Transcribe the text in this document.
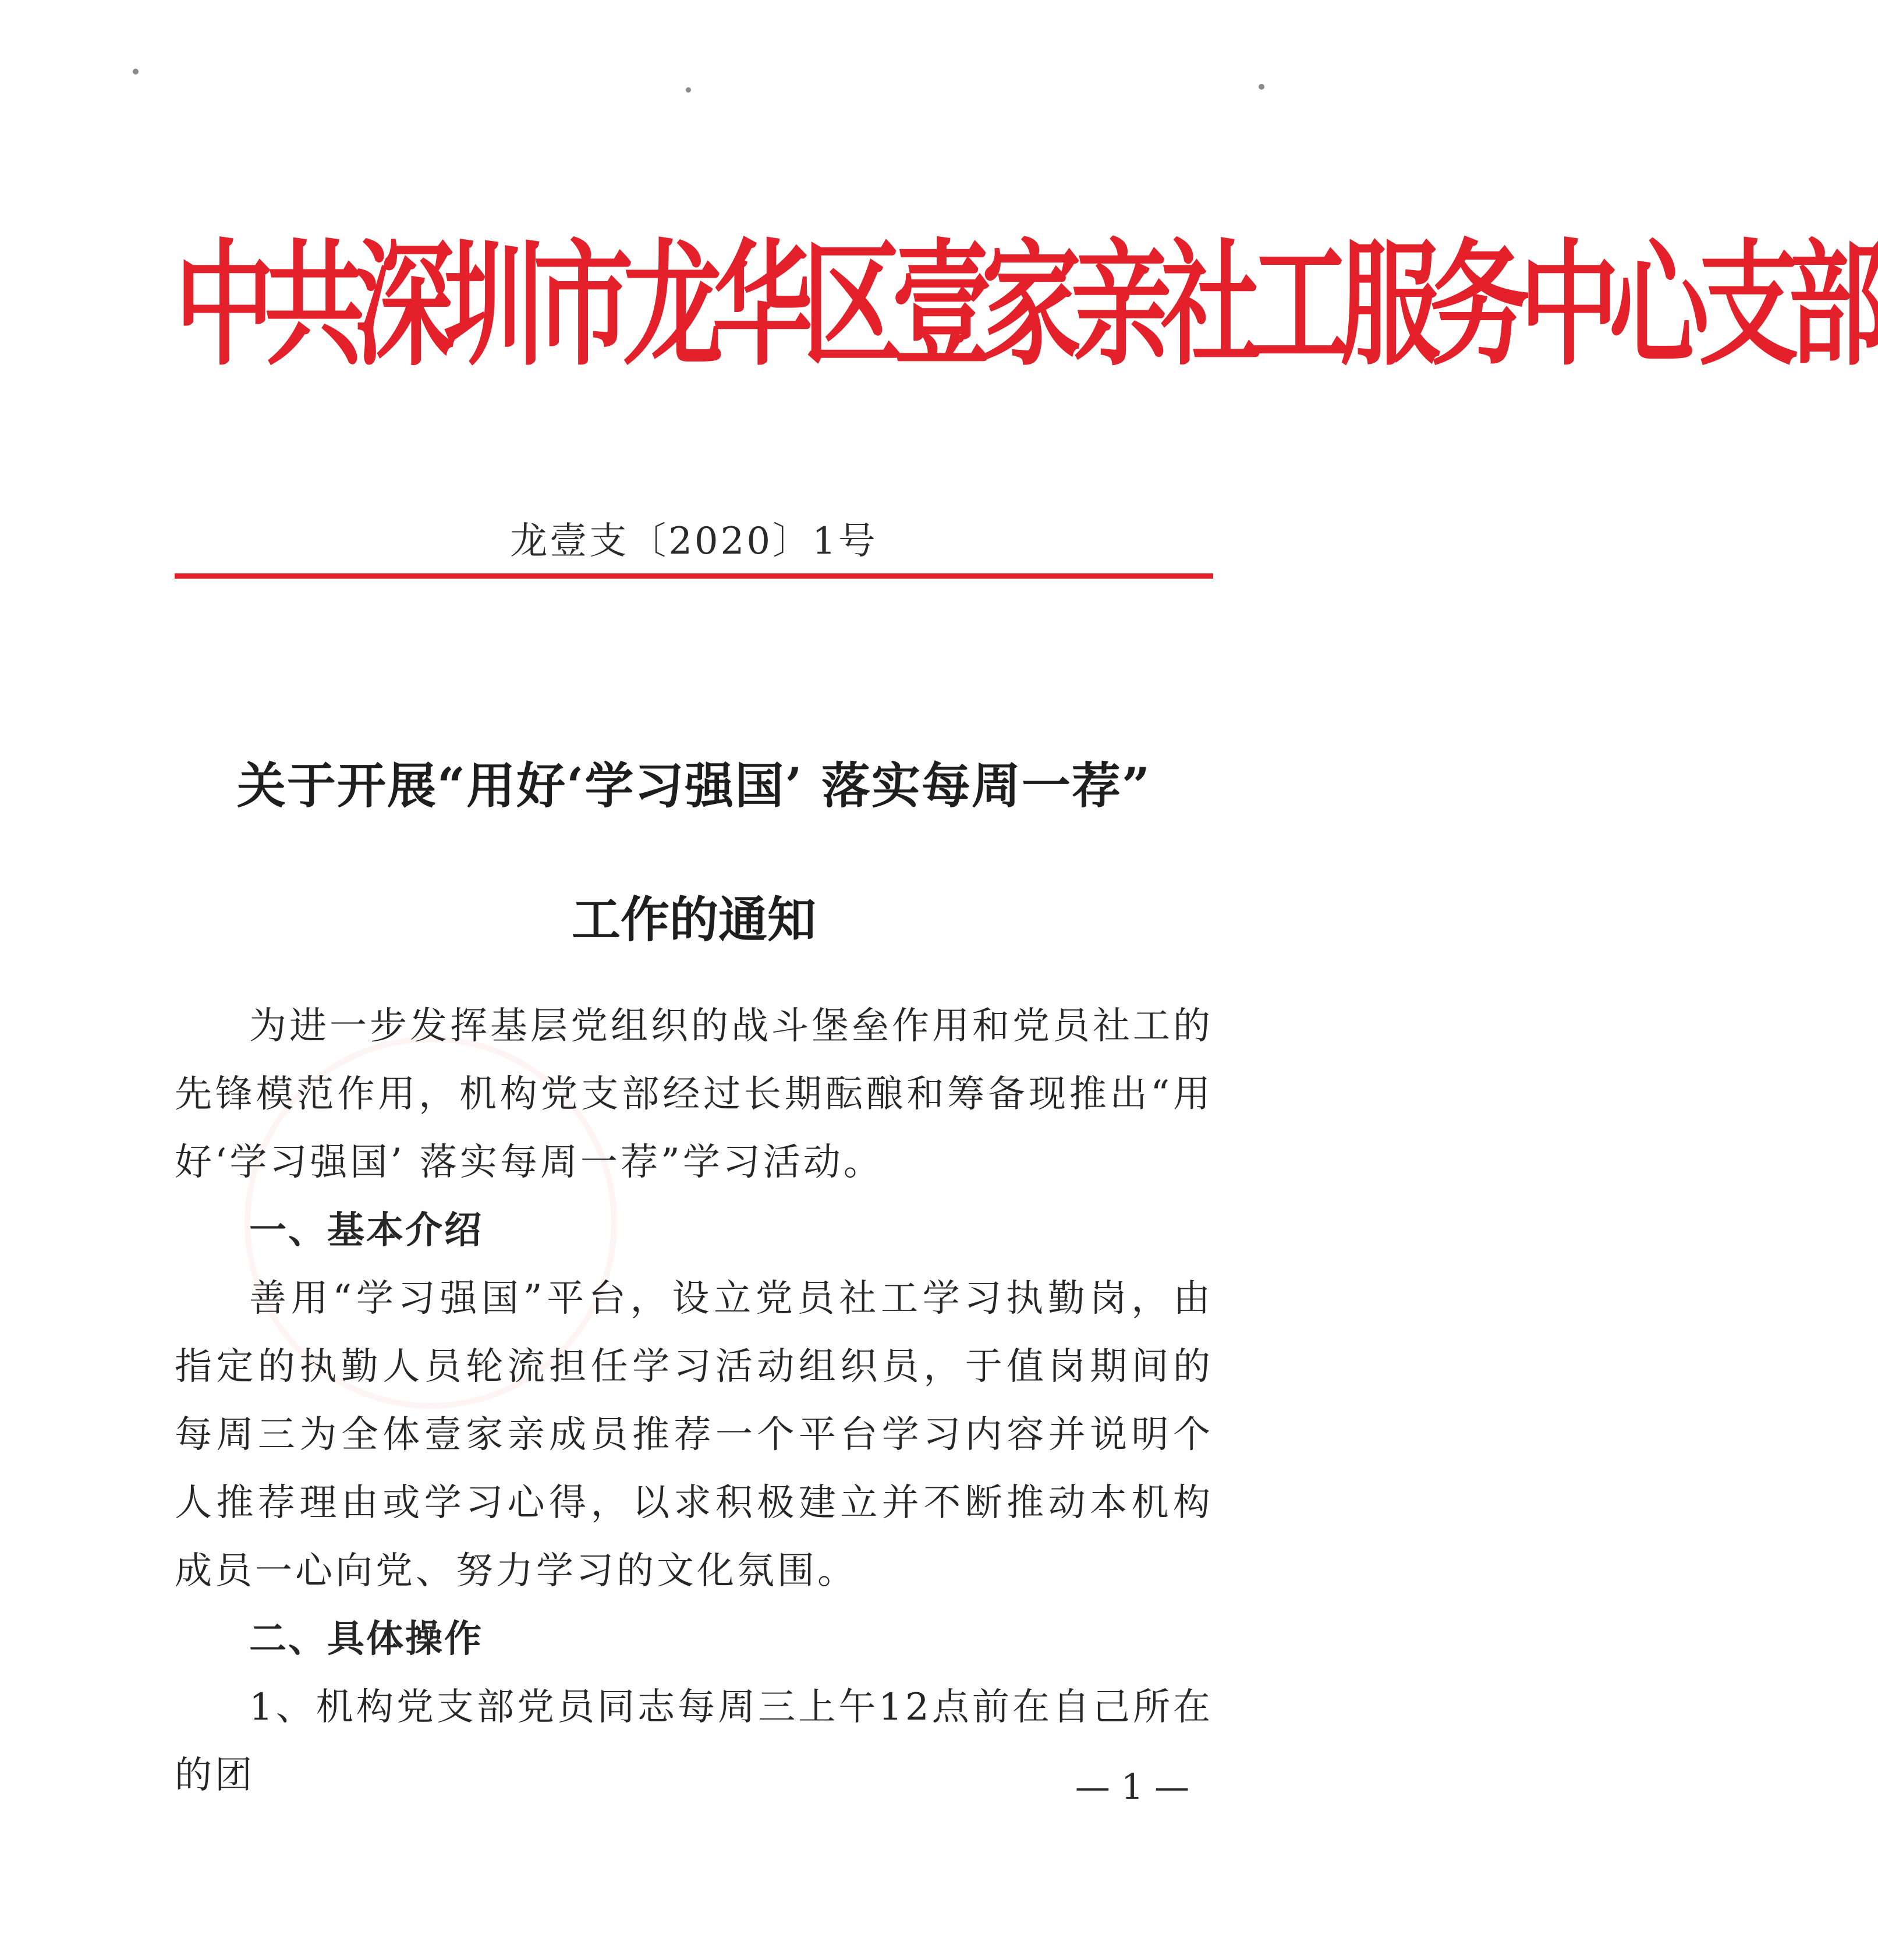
中共深圳市龙华区壹家亲社工服务中心支部
龙壹支〔2020〕1号
关于开展“用好‘学习强国’ 落实每周一荐”
工作的通知

为进一步发挥基层党组织的战斗堡垒作用和党员社工的先锋模范作用，机构党支部经过长期酝酿和筹备现推出“用好‘学习强国’ 落实每周一荐”学习活动。

一、基本介绍

善用“学习强国”平台，设立党员社工学习执勤岗，由指定的执勤人员轮流担任学习活动组织员，于值岗期间的每周三为全体壹家亲成员推荐一个平台学习内容并说明个人推荐理由或学习心得，以求积极建立并不断推动本机构成员一心向党、努力学习的文化氛围。

二、具体操作

1、机构党支部党员同志每周三上午12点前在自己所在的团	— 1 —
